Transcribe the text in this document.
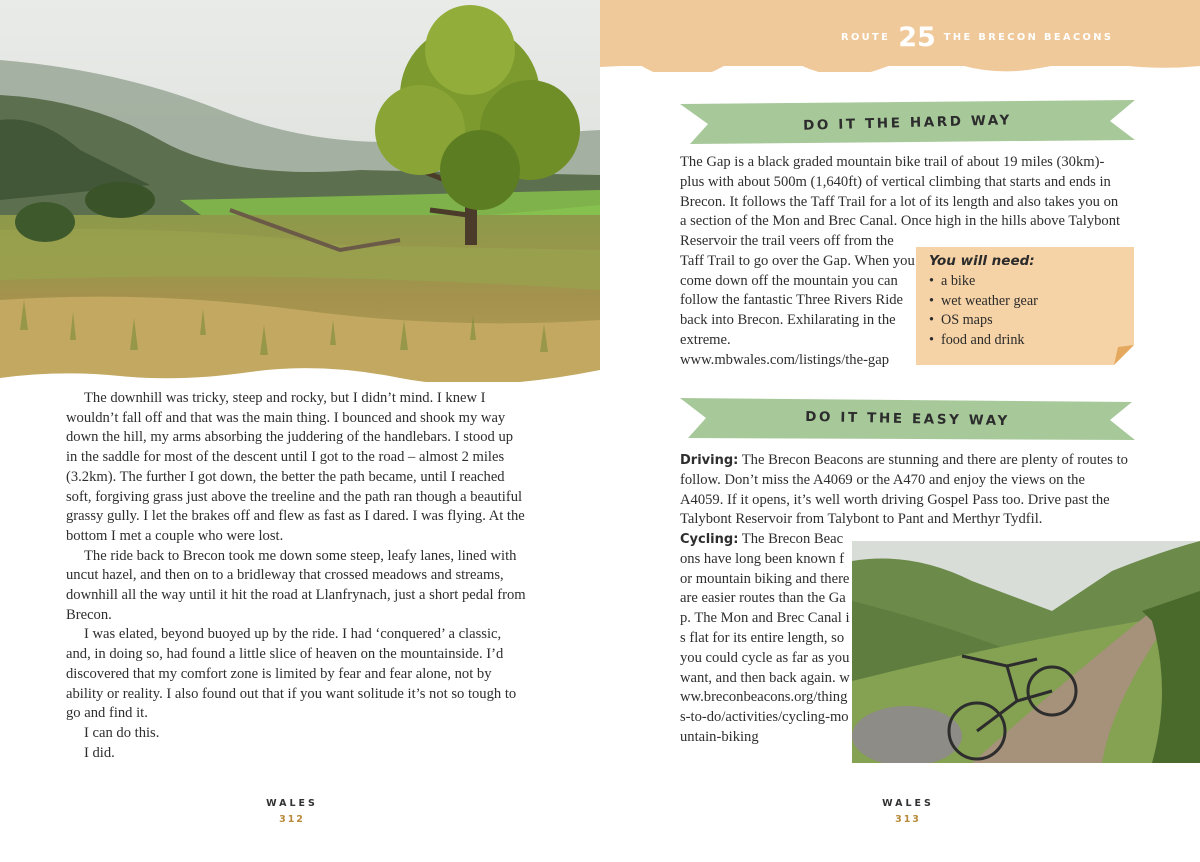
The downhill was tricky, steep and rocky, but I didn’t mind. I knew I wouldn’t fall off and that was the main thing. I bounced and shook my way down the hill, my arms absorbing the juddering of the handlebars. I stood up in the saddle for most of the descent until I got to the road – almost 2 miles (3.2km). The further I got down, the better the path became, until I reached soft, forgiving grass just above the treeline and the path ran though a beautiful grassy gully. I let the brakes off and flew as fast as I dared. I was flying. At the bottom I met a couple who were lost.

The ride back to Brecon took me down some steep, leafy lanes, lined with uncut hazel, and then on to a bridleway that crossed meadows and streams, downhill all the way until it hit the road at Llanfrynach, just a short pedal from Brecon.

I was elated, beyond buoyed up by the ride. I had ‘conquered’ a classic, and, in doing so, had found a little slice of heaven on the mountainside. I’d discovered that my comfort zone is limited by fear and fear alone, not by ability or reality. I also found out that if you want solitude it’s not so tough to go and find it.

I can do this.

I did.

WALES
312
ROUTE 25 THE BRECON BEACONS
DO IT THE HARD WAY
The Gap is a black graded mountain bike trail of about 19 miles (30km)-plus with about 500m (1,640ft) of vertical climbing that starts and ends in Brecon. It follows the Taff Trail for a lot of its length and also takes you on a section of the Mon and Brec Canal. Once high in the hills above Talybont
Reservoir the trail veers off from the Taff Trail to go over the Gap. When you come down off the mountain you can follow the fantastic Three Rivers Ride back into Brecon. Exhilarating in the extreme. www.mbwales.com/listings/the-gap
You will need:
• a bike
• wet weather gear
• OS maps
• food and drink
DO IT THE EASY WAY
Driving: The Brecon Beacons are stunning and there are plenty of routes to follow. Don’t miss the A4069 or the A470 and enjoy the views on the A4059. If it opens, it’s well worth driving Gospel Pass too. Drive past the Talybont Reservoir from Talybont to Pant and Merthyr Tydfil.
Cycling: The Brecon Beacons have long been known for mountain biking and there are easier routes than the Gap. The Mon and Brec Canal is flat for its entire length, so you could cycle as far as you want, and then back again. www.breconbeacons.org/things-to-do/activities/cycling-mountain-biking
WALES
313
